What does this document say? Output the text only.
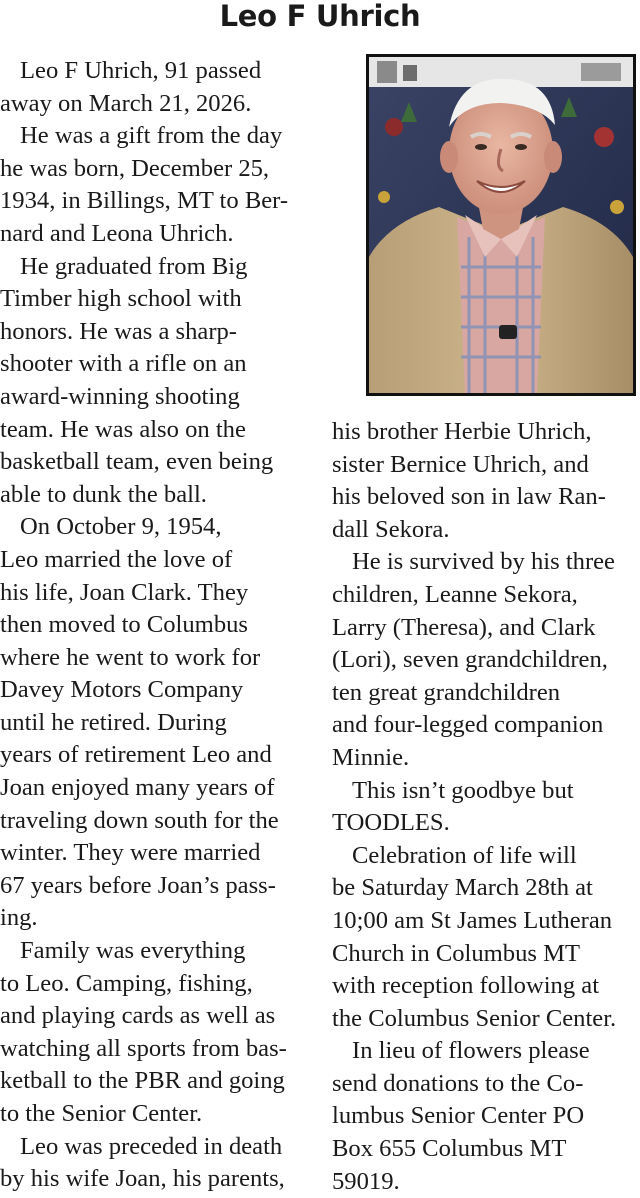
Leo F Uhrich

Leo F Uhrich, 91 passed
away on March 21, 2026.

He was a gift from the day
he was born, December 25,
1934, in Billings, MT to Ber-
nard and Leona Uhrich.

He graduated from Big
Timber high school with
honors. He was a sharp-
shooter with a rifle on an
award-winning shooting
team. He was also on the
basketball team, even being
able to dunk the ball.

On October 9, 1954,
Leo married the love of
his life, Joan Clark. They
then moved to Columbus
where he went to work for
Davey Motors Company
until he retired. During
years of retirement Leo and
Joan enjoyed many years of
traveling down south for the
winter. They were married
67 years before Joan’s pass-
ing.

Family was everything
to Leo. Camping, fishing,
and playing cards as well as
watching all sports from bas-
ketball to the PBR and going
to the Senior Center.

Leo was preceded in death
by his wife Joan, his parents,

his brother Herbie Uhrich,
sister Bernice Uhrich, and
his beloved son in law Ran-
dall Sekora.

He is survived by his three
children, Leanne Sekora,
Larry (Theresa), and Clark
(Lori), seven grandchildren,
ten great grandchildren
and four-legged companion
Minnie.

This isn’t goodbye but
TOODLES.

Celebration of life will
be Saturday March 28th at
10;00 am St James Lutheran
Church in Columbus MT
with reception following at
the Columbus Senior Center.

In lieu of flowers please
send donations to the Co-
lumbus Senior Center PO
Box 655 Columbus MT
59019.
